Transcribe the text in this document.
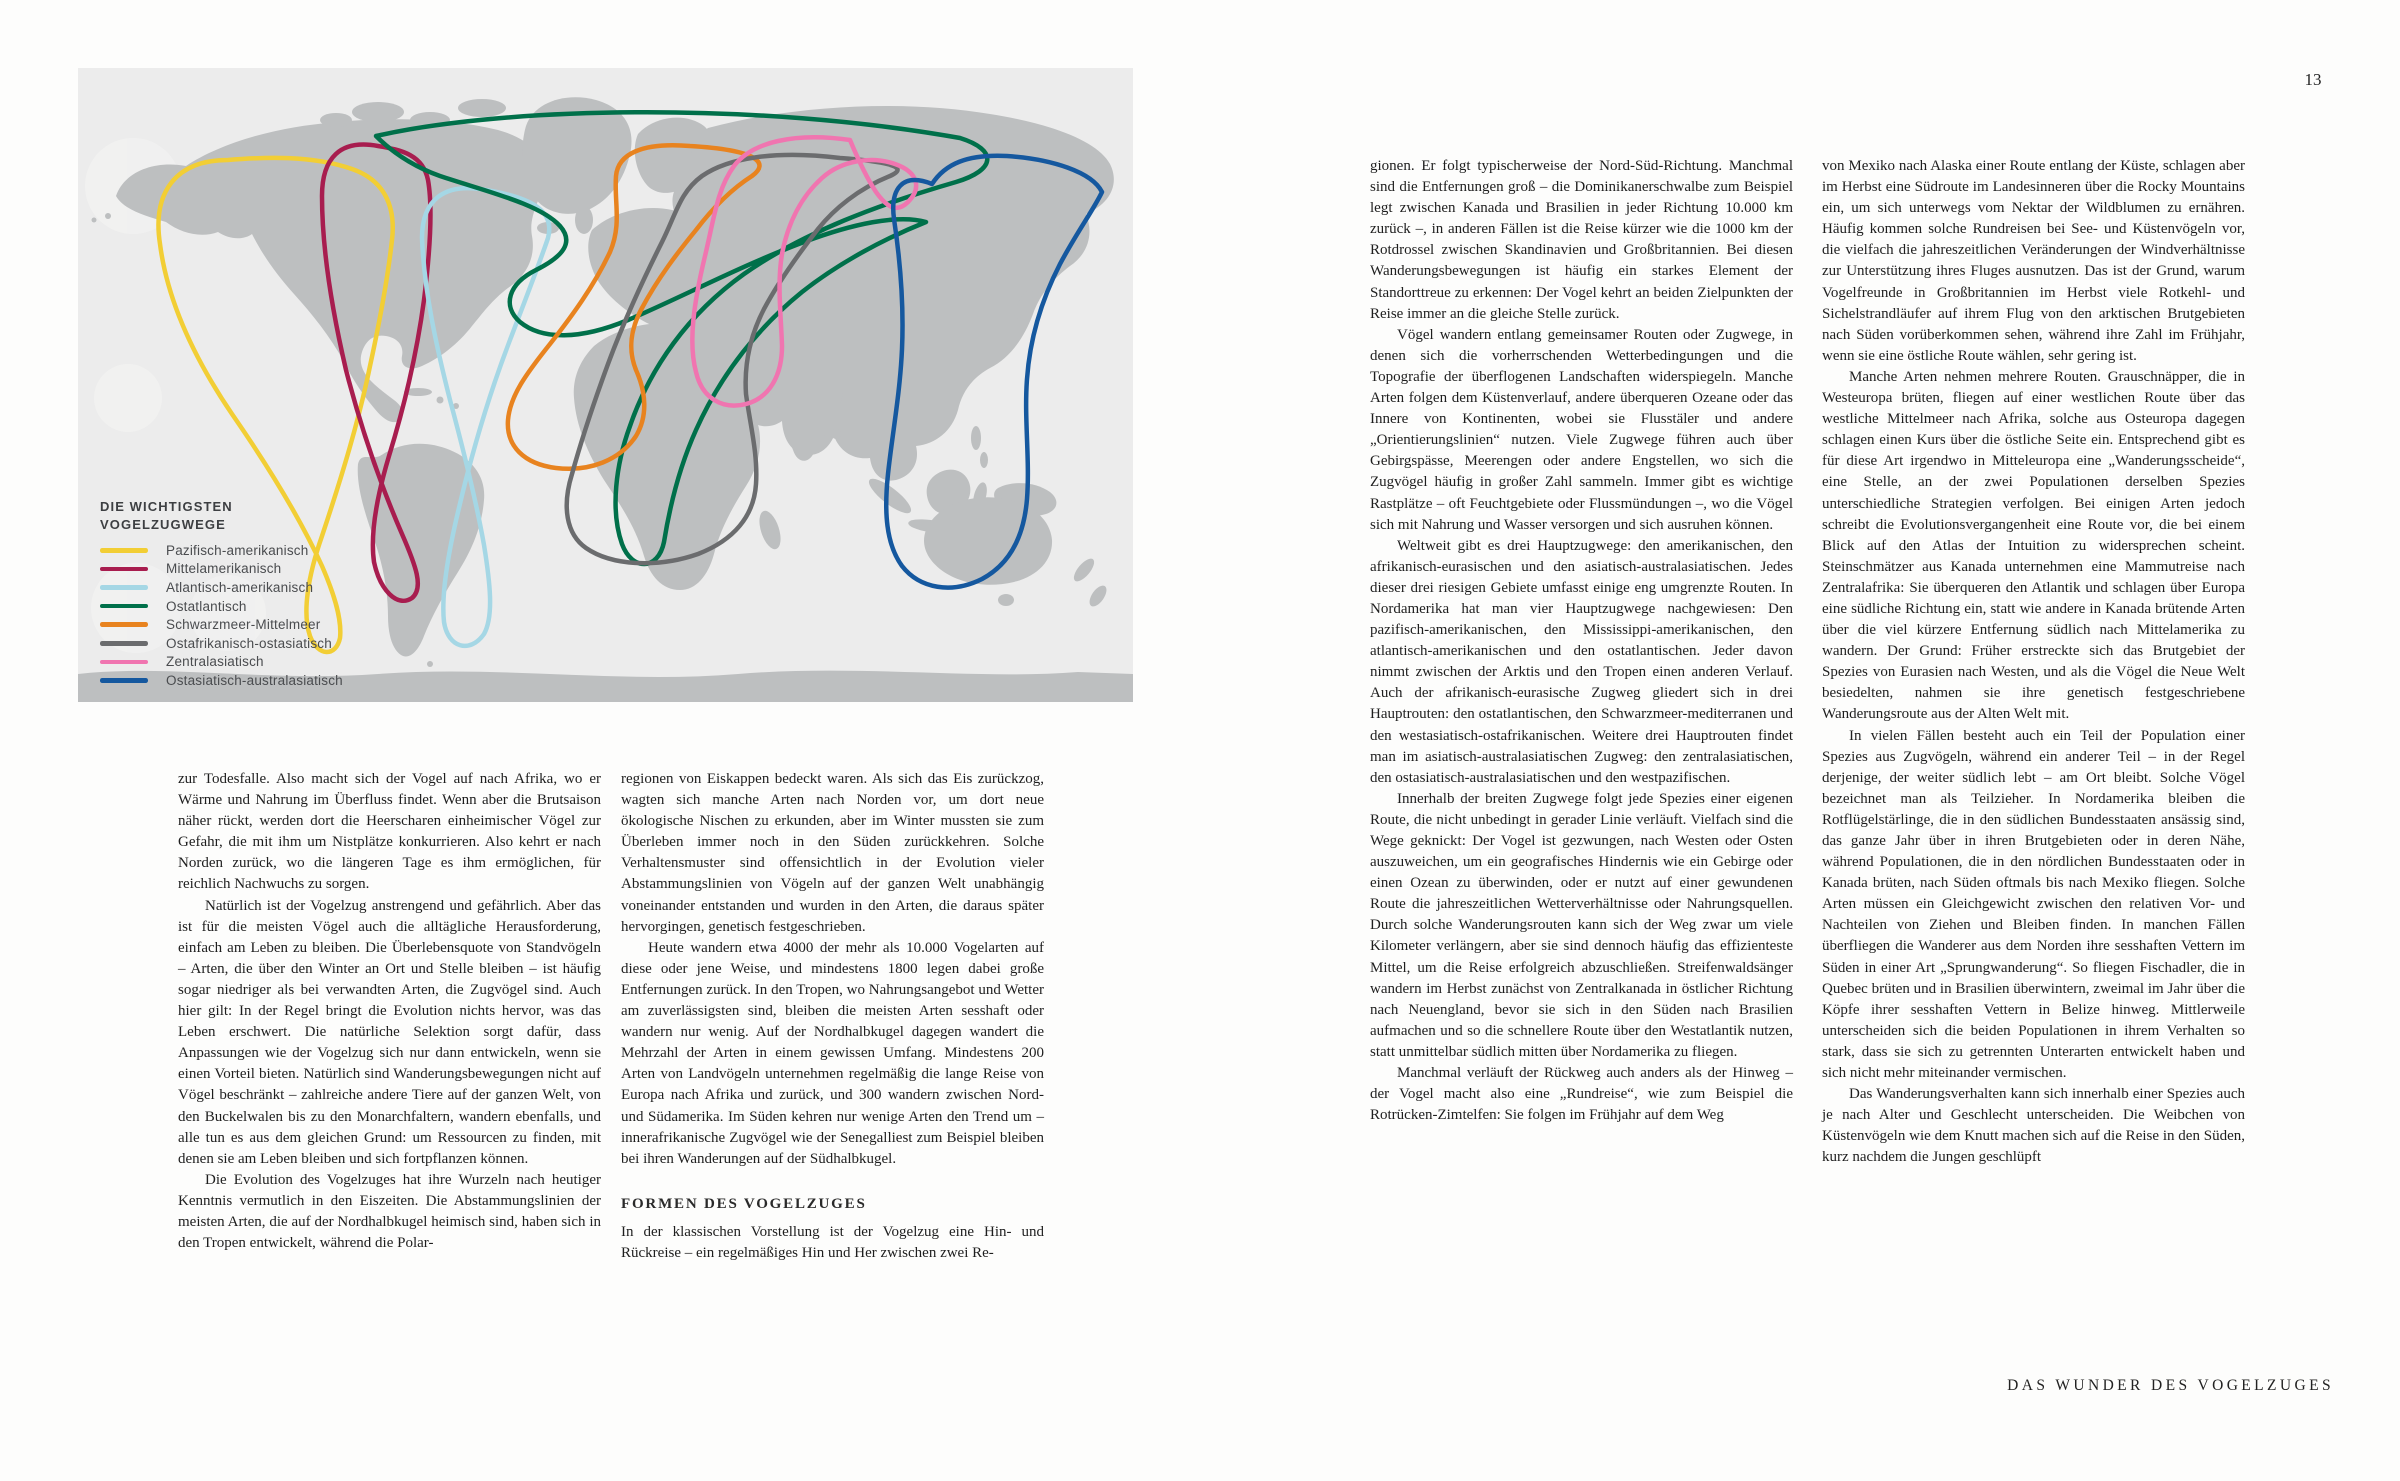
DIE WICHTIGSTEN
VOGELZUGWEGE
Pazifisch-amerikanisch
Mittelamerikanisch
Atlantisch-amerikanisch
Ostatlantisch
Schwarzmeer-Mittelmeer
Ostafrikanisch-ostasiatisch
Zentralasiatisch
Ostasiatisch-australasiatisch

zur Todesfalle. Also macht sich der Vogel auf nach Afrika, wo er Wärme und Nahrung im Überfluss findet. Wenn aber die Brutsaison näher rückt, werden dort die Heerscharen einheimischer Vögel zur Gefahr, die mit ihm um Nistplätze konkurrieren. Also kehrt er nach Norden zurück, wo die längeren Tage es ihm ermöglichen, für reichlich Nachwuchs zu sorgen.

Natürlich ist der Vogelzug anstrengend und gefährlich. Aber das ist für die meisten Vögel auch die alltägliche Herausforderung, einfach am Leben zu bleiben. Die Überlebensquote von Standvögeln – Arten, die über den Winter an Ort und Stelle bleiben – ist häufig sogar niedriger als bei verwandten Arten, die Zugvögel sind. Auch hier gilt: In der Regel bringt die Evolution nichts hervor, was das Leben erschwert. Die natürliche Selektion sorgt dafür, dass Anpassungen wie der Vogelzug sich nur dann entwickeln, wenn sie einen Vorteil bieten. Natürlich sind Wanderungsbewegungen nicht auf Vögel beschränkt – zahlreiche andere Tiere auf der ganzen Welt, von den Buckelwalen bis zu den Monarchfaltern, wandern ebenfalls, und alle tun es aus dem gleichen Grund: um Ressourcen zu finden, mit denen sie am Leben bleiben und sich fortpflanzen können.

Die Evolution des Vogelzuges hat ihre Wurzeln nach heutiger Kenntnis vermutlich in den Eiszeiten. Die Abstammungslinien der meisten Arten, die auf der Nordhalbkugel heimisch sind, haben sich in den Tropen entwickelt, während die Polar-

regionen von Eiskappen bedeckt waren. Als sich das Eis zurückzog, wagten sich manche Arten nach Norden vor, um dort neue ökologische Nischen zu erkunden, aber im Winter mussten sie zum Überleben immer noch in den Süden zurückkehren. Solche Verhaltensmuster sind offensichtlich in der Evolution vieler Abstammungslinien von Vögeln auf der ganzen Welt unabhängig voneinander entstanden und wurden in den Arten, die daraus später hervorgingen, genetisch festgeschrieben.

Heute wandern etwa 4000 der mehr als 10.000 Vogelarten auf diese oder jene Weise, und mindestens 1800 legen dabei große Entfernungen zurück. In den Tropen, wo Nahrungsangebot und Wetter am zuverlässigsten sind, bleiben die meisten Arten sesshaft oder wandern nur wenig. Auf der Nordhalbkugel dagegen wandert die Mehrzahl der Arten in einem gewissen Umfang. Mindestens 200 Arten von Landvögeln unternehmen regelmäßig die lange Reise von Europa nach Afrika und zurück, und 300 wandern zwischen Nord- und Südamerika. Im Süden kehren nur wenige Arten den Trend um – innerafrikanische Zugvögel wie der Senegalliest zum Beispiel bleiben bei ihren Wanderungen auf der Südhalbkugel.

FORMEN DES VOGELZUGES

In der klassischen Vorstellung ist der Vogelzug eine Hin- und Rückreise – ein regelmäßiges Hin und Her zwischen zwei Re-

13

gionen. Er folgt typischerweise der Nord-Süd-Richtung. Manchmal sind die Entfernungen groß – die Dominikanerschwalbe zum Beispiel legt zwischen Kanada und Brasilien in jeder Richtung 10.000 km zurück –, in anderen Fällen ist die Reise kürzer wie die 1000 km der Rotdrossel zwischen Skandinavien und Großbritannien. Bei diesen Wanderungsbewegungen ist häufig ein starkes Element der Standorttreue zu erkennen: Der Vogel kehrt an beiden Zielpunkten der Reise immer an die gleiche Stelle zurück.

Vögel wandern entlang gemeinsamer Routen oder Zugwege, in denen sich die vorherrschenden Wetterbedingungen und die Topografie der überflogenen Landschaften widerspiegeln. Manche Arten folgen dem Küstenverlauf, andere überqueren Ozeane oder das Innere von Kontinenten, wobei sie Flusstäler und andere „Orientierungslinien“ nutzen. Viele Zugwege führen auch über Gebirgspässe, Meerengen oder andere Engstellen, wo sich die Zugvögel häufig in großer Zahl sammeln. Immer gibt es wichtige Rastplätze – oft Feuchtgebiete oder Flussmündungen –, wo die Vögel sich mit Nahrung und Wasser versorgen und sich ausruhen können.

Weltweit gibt es drei Hauptzugwege: den amerikanischen, den afrikanisch-eurasischen und den asiatisch-australasiatischen. Jedes dieser drei riesigen Gebiete umfasst einige eng umgrenzte Routen. In Nordamerika hat man vier Hauptzugwege nachgewiesen: Den pazifisch-amerikanischen, den Mississippi-amerikanischen, den atlantisch-amerikanischen und den ostatlantischen. Jeder davon nimmt zwischen der Arktis und den Tropen einen anderen Verlauf. Auch der afrikanisch-eurasische Zugweg gliedert sich in drei Hauptrouten: den ostatlantischen, den Schwarzmeer-mediterranen und den westasiatisch-ostafrikanischen. Weitere drei Hauptrouten findet man im asiatisch-australasiatischen Zugweg: den zentralasiatischen, den ostasiatisch-australasiatischen und den westpazifischen.

Innerhalb der breiten Zugwege folgt jede Spezies einer eigenen Route, die nicht unbedingt in gerader Linie verläuft. Vielfach sind die Wege geknickt: Der Vogel ist gezwungen, nach Westen oder Osten auszuweichen, um ein geografisches Hindernis wie ein Gebirge oder einen Ozean zu überwinden, oder er nutzt auf einer gewundenen Route die jahreszeitlichen Wetterverhältnisse oder Nahrungsquellen. Durch solche Wanderungsrouten kann sich der Weg zwar um viele Kilometer verlängern, aber sie sind dennoch häufig das effizienteste Mittel, um die Reise erfolgreich abzuschließen. Streifenwaldsänger wandern im Herbst zunächst von Zentralkanada in östlicher Richtung nach Neuengland, bevor sie sich in den Süden nach Brasilien aufmachen und so die schnellere Route über den Westatlantik nutzen, statt unmittelbar südlich mitten über Nordamerika zu fliegen.

Manchmal verläuft der Rückweg auch anders als der Hinweg – der Vogel macht also eine „Rundreise“, wie zum Beispiel die Rotrücken-Zimtelfen: Sie folgen im Frühjahr auf dem Weg

von Mexiko nach Alaska einer Route entlang der Küste, schlagen aber im Herbst eine Südroute im Landesinneren über die Rocky Mountains ein, um sich unterwegs vom Nektar der Wildblumen zu ernähren. Häufig kommen solche Rundreisen bei See- und Küstenvögeln vor, die vielfach die jahreszeitlichen Veränderungen der Windverhältnisse zur Unterstützung ihres Fluges ausnutzen. Das ist der Grund, warum Vogelfreunde in Großbritannien im Herbst viele Rotkehl- und Sichelstrandläufer auf ihrem Flug von den arktischen Brutgebieten nach Süden vorüberkommen sehen, während ihre Zahl im Frühjahr, wenn sie eine östliche Route wählen, sehr gering ist.

Manche Arten nehmen mehrere Routen. Grauschnäpper, die in Westeuropa brüten, fliegen auf einer westlichen Route über das westliche Mittelmeer nach Afrika, solche aus Osteuropa dagegen schlagen einen Kurs über die östliche Seite ein. Entsprechend gibt es für diese Art irgendwo in Mitteleuropa eine „Wanderungsscheide“, eine Stelle, an der zwei Populationen derselben Spezies unterschiedliche Strategien verfolgen. Bei einigen Arten jedoch schreibt die Evolutionsvergangenheit eine Route vor, die bei einem Blick auf den Atlas der Intuition zu widersprechen scheint. Steinschmätzer aus Kanada unternehmen eine Mammutreise nach Zentralafrika: Sie überqueren den Atlantik und schlagen über Europa eine südliche Richtung ein, statt wie andere in Kanada brütende Arten über die viel kürzere Entfernung südlich nach Mittelamerika zu wandern. Der Grund: Früher erstreckte sich das Brutgebiet der Spezies von Eurasien nach Westen, und als die Vögel die Neue Welt besiedelten, nahmen sie ihre genetisch festgeschriebene Wanderungsroute aus der Alten Welt mit.

In vielen Fällen besteht auch ein Teil der Population einer Spezies aus Zugvögeln, während ein anderer Teil – in der Regel derjenige, der weiter südlich lebt – am Ort bleibt. Solche Vögel bezeichnet man als Teilzieher. In Nordamerika bleiben die Rotflügelstärlinge, die in den südlichen Bundesstaaten ansässig sind, das ganze Jahr über in ihren Brutgebieten oder in deren Nähe, während Populationen, die in den nördlichen Bundesstaaten oder in Kanada brüten, nach Süden oftmals bis nach Mexiko fliegen. Solche Arten müssen ein Gleichgewicht zwischen den relativen Vor- und Nachteilen von Ziehen und Bleiben finden. In manchen Fällen überfliegen die Wanderer aus dem Norden ihre sesshaften Vettern im Süden in einer Art „Sprungwanderung“. So fliegen Fischadler, die in Quebec brüten und in Brasilien überwintern, zweimal im Jahr über die Köpfe ihrer sesshaften Vettern in Belize hinweg. Mittlerweile unterscheiden sich die beiden Populationen in ihrem Verhalten so stark, dass sie sich zu getrennten Unterarten entwickelt haben und sich nicht mehr miteinander vermischen.

Das Wanderungsverhalten kann sich innerhalb einer Spezies auch je nach Alter und Geschlecht unterscheiden. Die Weibchen von Küstenvögeln wie dem Knutt machen sich auf die Reise in den Süden, kurz nachdem die Jungen geschlüpft

DAS WUNDER DES VOGELZUGES
